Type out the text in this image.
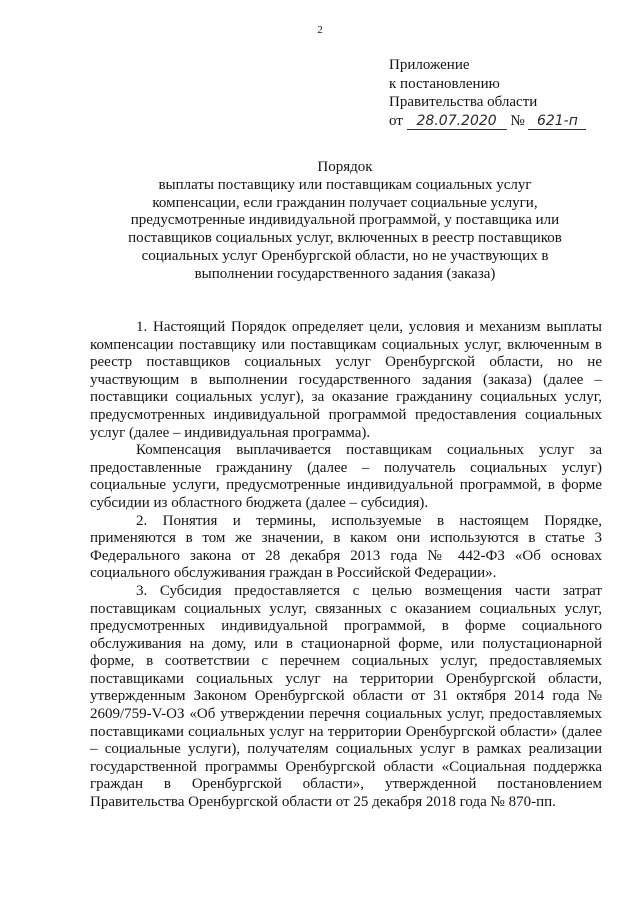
2
Приложение
к постановлению
Правительства области
от 28.07.2020 № 621-п
Порядок
выплаты поставщику или поставщикам социальных услуг
компенсации, если гражданин получает социальные услуги,
предусмотренные индивидуальной программой, у поставщика или
поставщиков социальных услуг, включенных в реестр поставщиков
социальных услуг Оренбургской области, но не участвующих в
выполнении государственного задания (заказа)

1. Настоящий Порядок определяет цели, условия и механизм выплаты компенсации поставщику или поставщикам социальных услуг, включенным в реестр поставщиков социальных услуг Оренбургской области, но не участвующим в выполнении государственного задания (заказа) (далее – поставщики социальных услуг), за оказание гражданину социальных услуг, предусмотренных индивидуальной программой предоставления социальных услуг (далее – индивидуальная программа).

Компенсация выплачивается поставщикам социальных услуг за предоставленные гражданину (далее – получатель социальных услуг) социальные услуги, предусмотренные индивидуальной программой, в форме субсидии из областного бюджета (далее – субсидия).

2. Понятия и термины, используемые в настоящем Порядке, применяются в том же значении, в каком они используются в статье 3 Федерального закона от 28 декабря 2013 года № 442-ФЗ «Об основах социального обслуживания граждан в Российской Федерации».

3. Субсидия предоставляется с целью возмещения части затрат поставщикам социальных услуг, связанных с оказанием социальных услуг, предусмотренных индивидуальной программой, в форме социального обслуживания на дому, или в стационарной форме, или полустационарной форме, в соответствии с перечнем социальных услуг, предоставляемых поставщиками социальных услуг на территории Оренбургской области, утвержденным Законом Оренбургской области от 31 октября 2014 года № 2609/759-V-ОЗ «Об утверждении перечня социальных услуг, предоставляемых поставщиками социальных услуг на территории Оренбургской области» (далее – социальные услуги), получателям социальных услуг в рамках реализации государственной программы Оренбургской области «Социальная поддержка граждан в Оренбургской области», утвержденной постановлением Правительства Оренбургской области от 25 декабря 2018 года № 870-пп.
